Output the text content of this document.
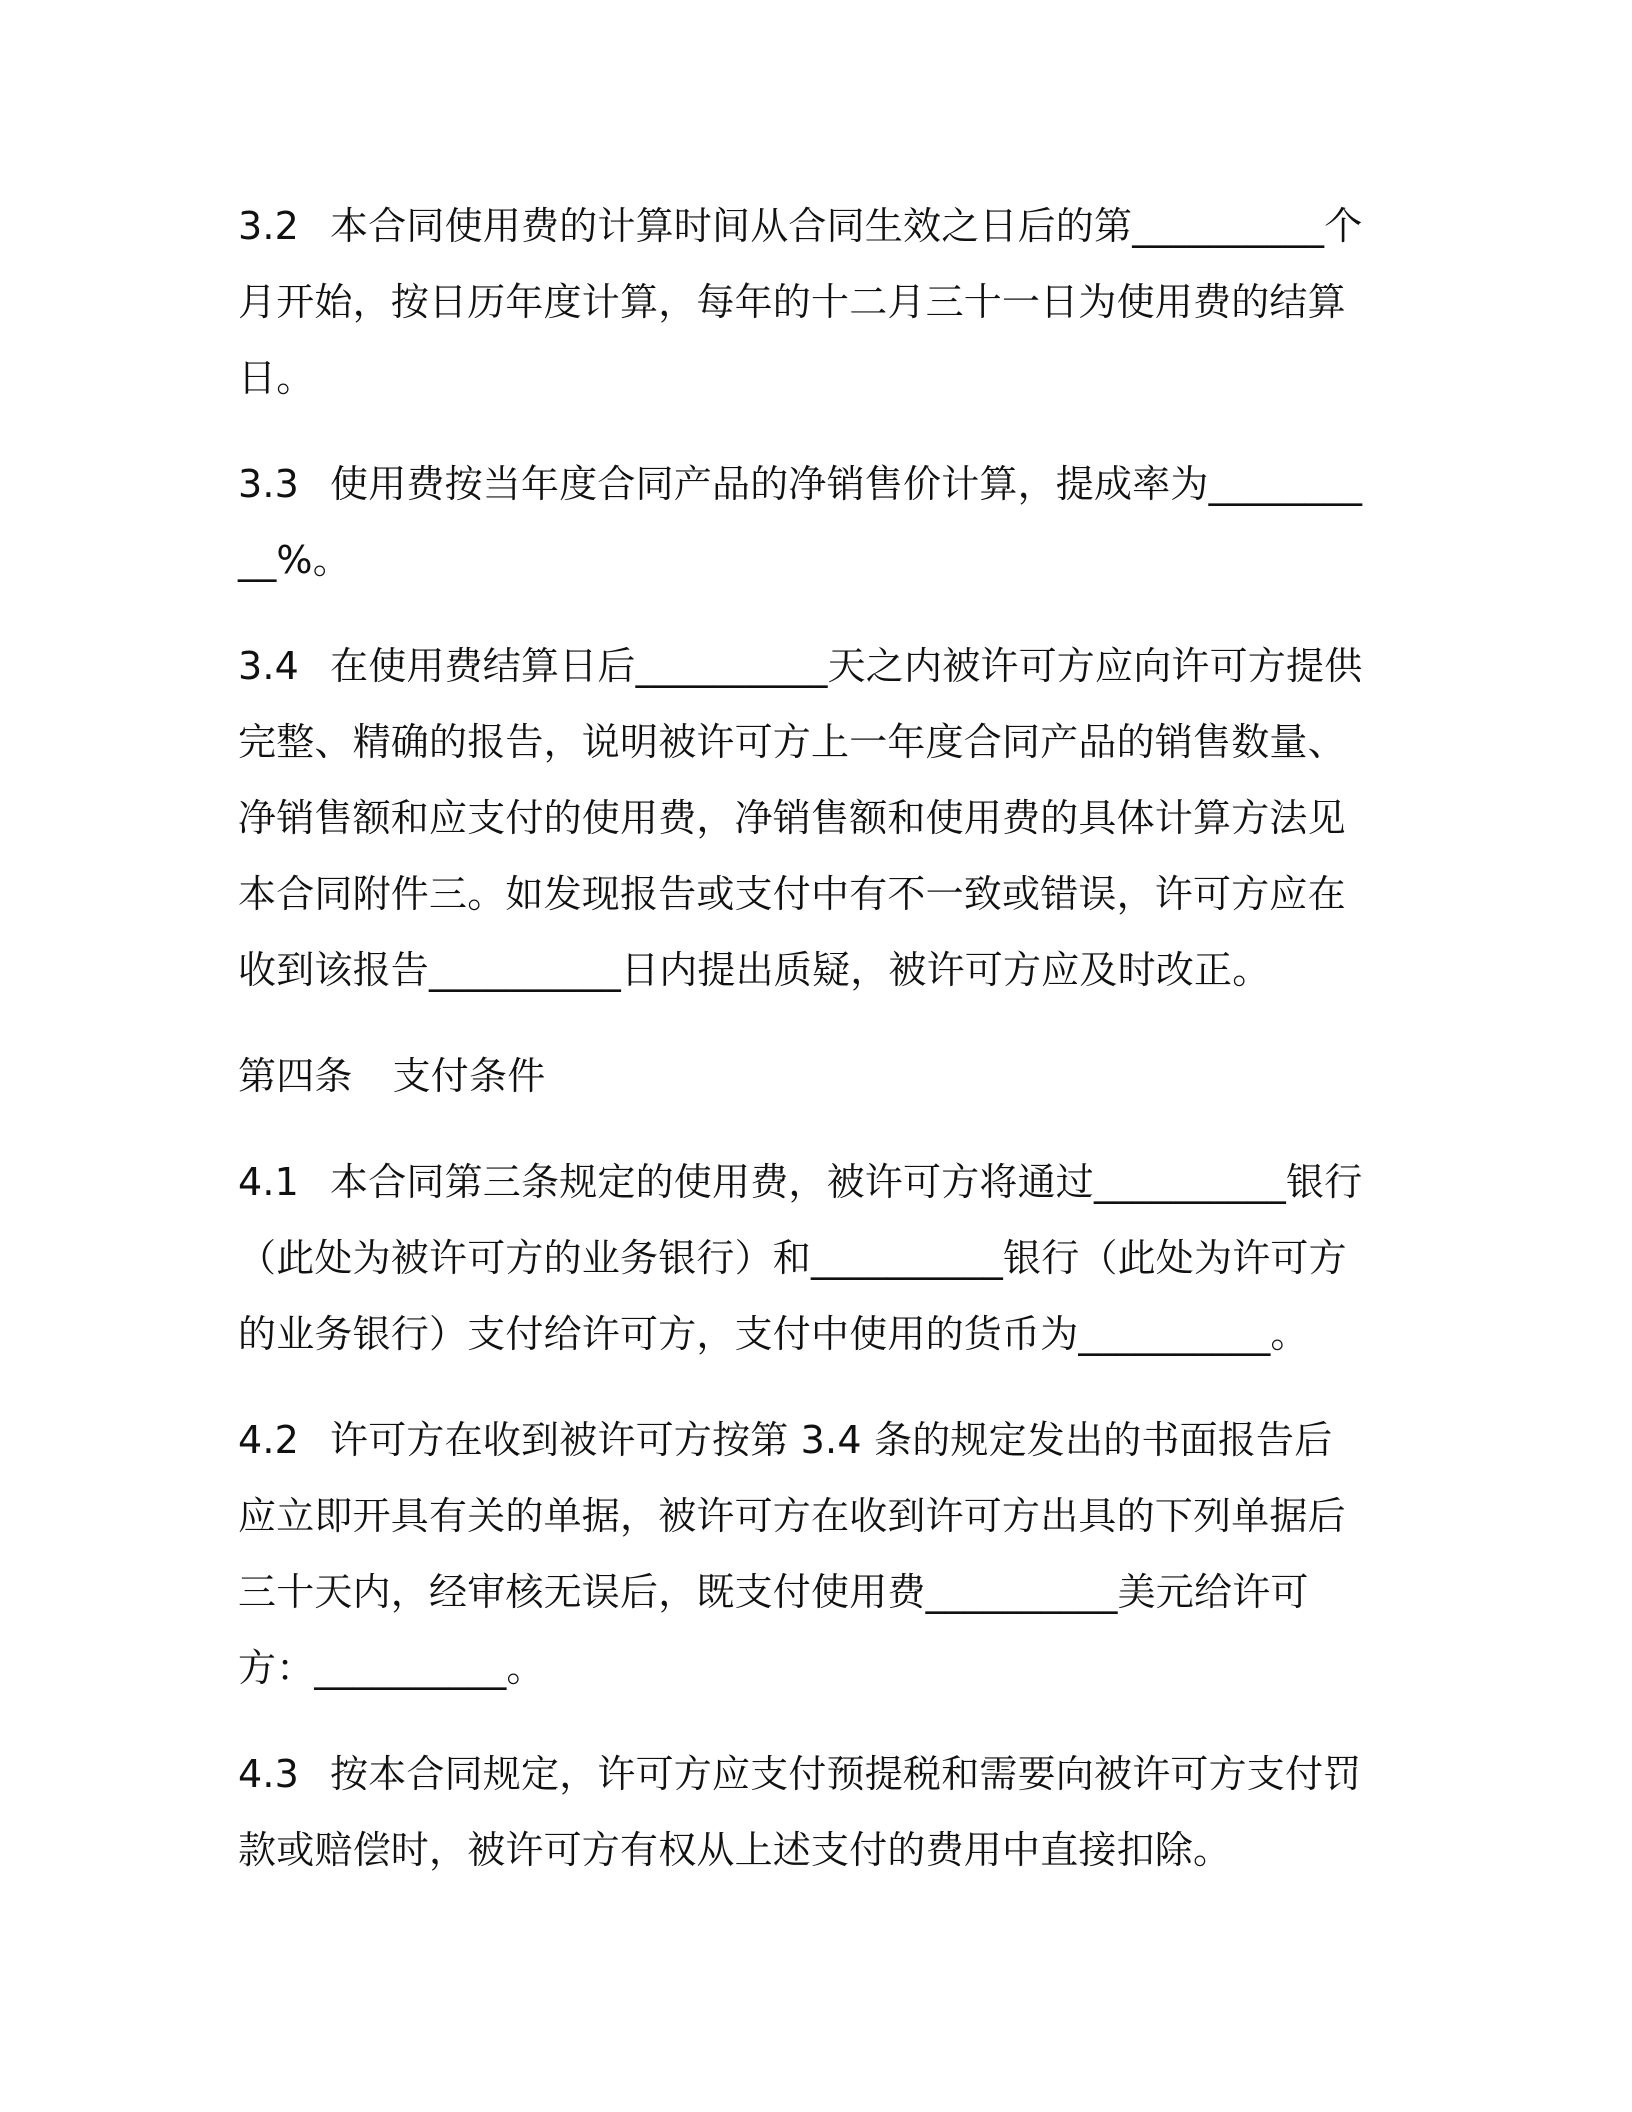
3.2 本合同使用费的计算时间从合同生效之日后的第__________个月开始，按日历年度计算，每年的十二月三十一日为使用费的结算日。

3.3 使用费按当年度合同产品的净销售价计算，提成率为__________%。

3.4 在使用费结算日后__________天之内被许可方应向许可方提供完整、精确的报告，说明被许可方上一年度合同产品的销售数量、净销售额和应支付的使用费，净销售额和使用费的具体计算方法见本合同附件三。如发现报告或支付中有不一致或错误，许可方应在收到该报告__________日内提出质疑，被许可方应及时改正。

第四条 支付条件

4.1 本合同第三条规定的使用费，被许可方将通过__________银行（此处为被许可方的业务银行）和__________银行（此处为许可方的业务银行）支付给许可方，支付中使用的货币为__________。

4.2 许可方在收到被许可方按第 3.4 条的规定发出的书面报告后应立即开具有关的单据，被许可方在收到许可方出具的下列单据后三十天内，经审核无误后，既支付使用费__________美元给许可方：__________。

4.3 按本合同规定，许可方应支付预提税和需要向被许可方支付罚款或赔偿时，被许可方有权从上述支付的费用中直接扣除。
